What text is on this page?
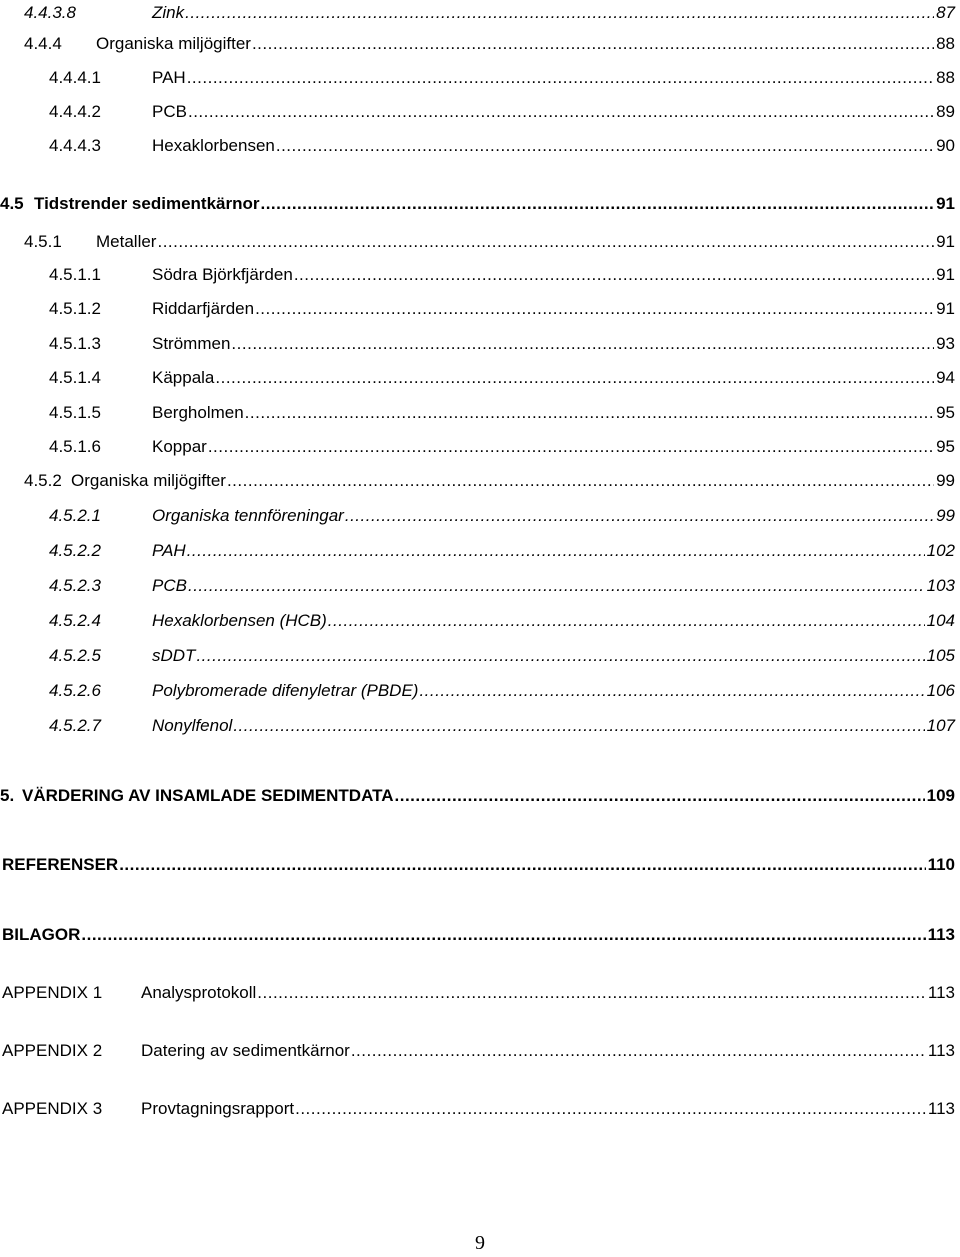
4.4.3.8	Zink .....	87
4.4.4 Organiska miljögifter .....	88
4.4.4.1	PAH .....	88
4.4.4.2	PCB .....	89
4.4.4.3	Hexaklorbensen .....	90
4.5 Tidstrender sedimentkärnor .....	91
4.5.1 Metaller .....	91
4.5.1.1	Södra Björkfjärden .....	91
4.5.1.2	Riddarfjärden .....	91
4.5.1.3	Strömmen .....	93
4.5.1.4	Käppala .....	94
4.5.1.5	Bergholmen .....	95
4.5.1.6	Koppar .....	95
4.5.2 Organiska miljögifter .....	99
4.5.2.1	Organiska tennföreningar .....	99
4.5.2.2	PAH .....	102
4.5.2.3	PCB .....	103
4.5.2.4	Hexaklorbensen (HCB) .....	104
4.5.2.5	sDDT .....	105
4.5.2.6	Polybromerade difenyletrar (PBDE) .....	106
4.5.2.7	Nonylfenol .....	107
5. VÄRDERING AV INSAMLADE SEDIMENTDATA .....	109
REFERENSER .....	110
BILAGOR .....	113
APPENDIX 1 Analysprotokoll .....	113
APPENDIX 2 Datering av sedimentkärnor .....	113
APPENDIX 3 Provtagningsrapport .....	113
9
